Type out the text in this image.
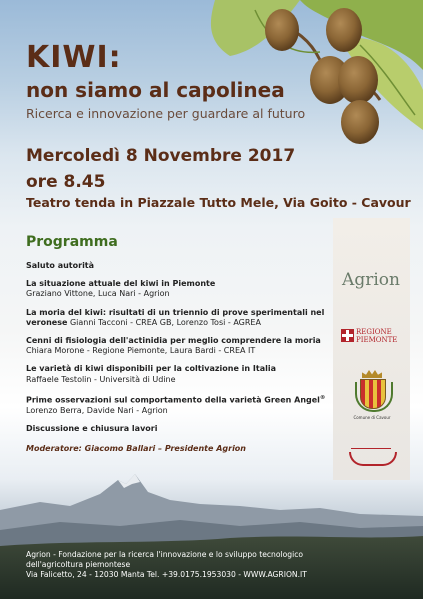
KIWI:
non siamo al capolinea
Ricerca e innovazione per guardare al futuro
Mercoledì 8 Novembre 2017
ore 8.45
Teatro tenda in Piazzale Tutto Mele, Via Goito - Cavour
Programma
Saluto autorità
La situazione attuale del kiwi in Piemonte
Graziano Vittone, Luca Nari - Agrion
La moria del kiwi: risultati di un triennio di prove sperimentali nel
veronese Gianni Tacconi - CREA GB, Lorenzo Tosi - AGREA
Cenni di fisiologia dell'actinidia per meglio comprendere la moria
Chiara Morone - Regione Piemonte, Laura Bardi - CREA IT
Le varietà di kiwi disponibili per la coltivazione in Italia
Raffaele Testolin - Università di Udine
Prime osservazioni sul comportamento della varietà Green Angel®
Lorenzo Berra, Davide Nari - Agrion
Discussione e chiusura lavori
Moderatore: Giacomo Ballari – Presidente Agrion
Agrion
REGIONE
PIEMONTE
Comune di Cavour
Agrion - Fondazione per la ricerca l'innovazione e lo sviluppo tecnologico
dell'agricoltura piemontese
Via Falicetto, 24 - 12030 Manta Tel. +39.0175.1953030 - WWW.AGRION.IT
